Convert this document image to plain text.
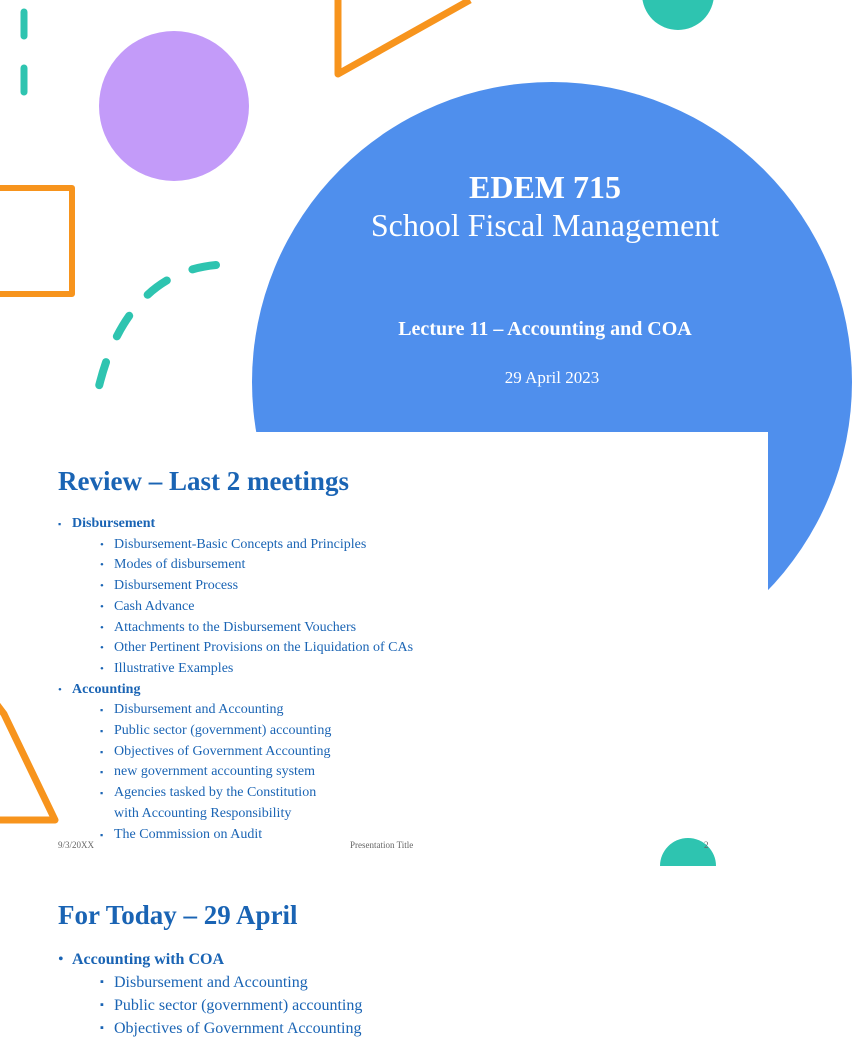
EDEM 715
School Fiscal Management
Lecture 11 – Accounting and COA
29 April 2023
Review – Last 2 meetings
▪ Disbursement
• Disbursement-Basic Concepts and Principles
• Modes of disbursement
• Disbursement Process
• Cash Advance
• Attachments to the Disbursement Vouchers
• Other Pertinent Provisions on the Liquidation of CAs
• Illustrative Examples
• Accounting
▪ Disbursement and Accounting
▪ Public sector (government) accounting
▪ Objectives of Government Accounting
▪ new government accounting system
▪ Agencies tasked by the Constitution
with Accounting Responsibility
▪ The Commission on Audit
9/3/20XX	Presentation Title	2
For Today – 29 April
• Accounting with COA
▪ Disbursement and Accounting
▪ Public sector (government) accounting
▪ Objectives of Government Accounting
